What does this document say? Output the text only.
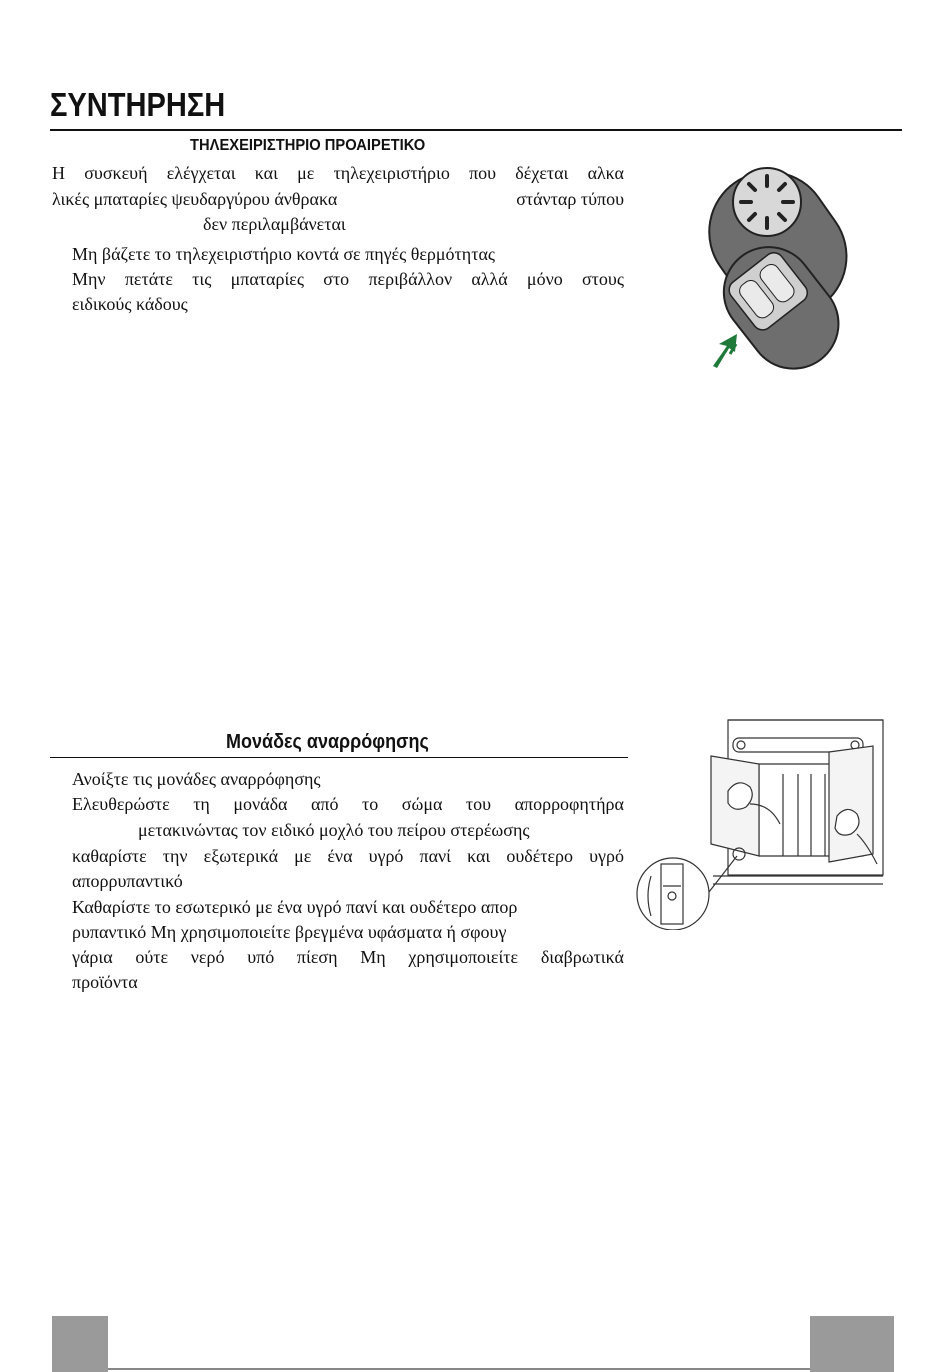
ΣΥΝΤΗΡΗΣΗ
ΤΗΛΕΧΕΙΡΙΣΤΗΡΙΟ ΠΡΟΑΙΡΕΤΙΚΟ
Η συσκευή ελέγχεται και με τηλεχειριστήριο που δέχεται αλκα
λικές μπαταρίες ψευδαργύρου άνθρακα	στάνταρ τύπου
δεν περιλαμβάνεται
Μη βάζετε το τηλεχειριστήριο κοντά σε πηγές θερμότητας
Μην πετάτε τις μπαταρίες στο περιβάλλον αλλά μόνο στους
ειδικούς κάδους
Μονάδες αναρρόφησης
Ανοίξτε τις μονάδες αναρρόφησης
Ελευθερώστε τη μονάδα από το σώμα του απορροφητήρα
μετακινώντας τον ειδικό μοχλό του πείρου στερέωσης
καθαρίστε την εξωτερικά με ένα υγρό πανί και ουδέτερο υγρό
απορρυπαντικό
Καθαρίστε το εσωτερικό με ένα υγρό πανί και ουδέτερο απορ
ρυπαντικό Μη χρησιμοποιείτε βρεγμένα υφάσματα ή σφουγ
γάρια ούτε νερό υπό πίεση Μη χρησιμοποιείτε διαβρωτικά
προϊόντα
